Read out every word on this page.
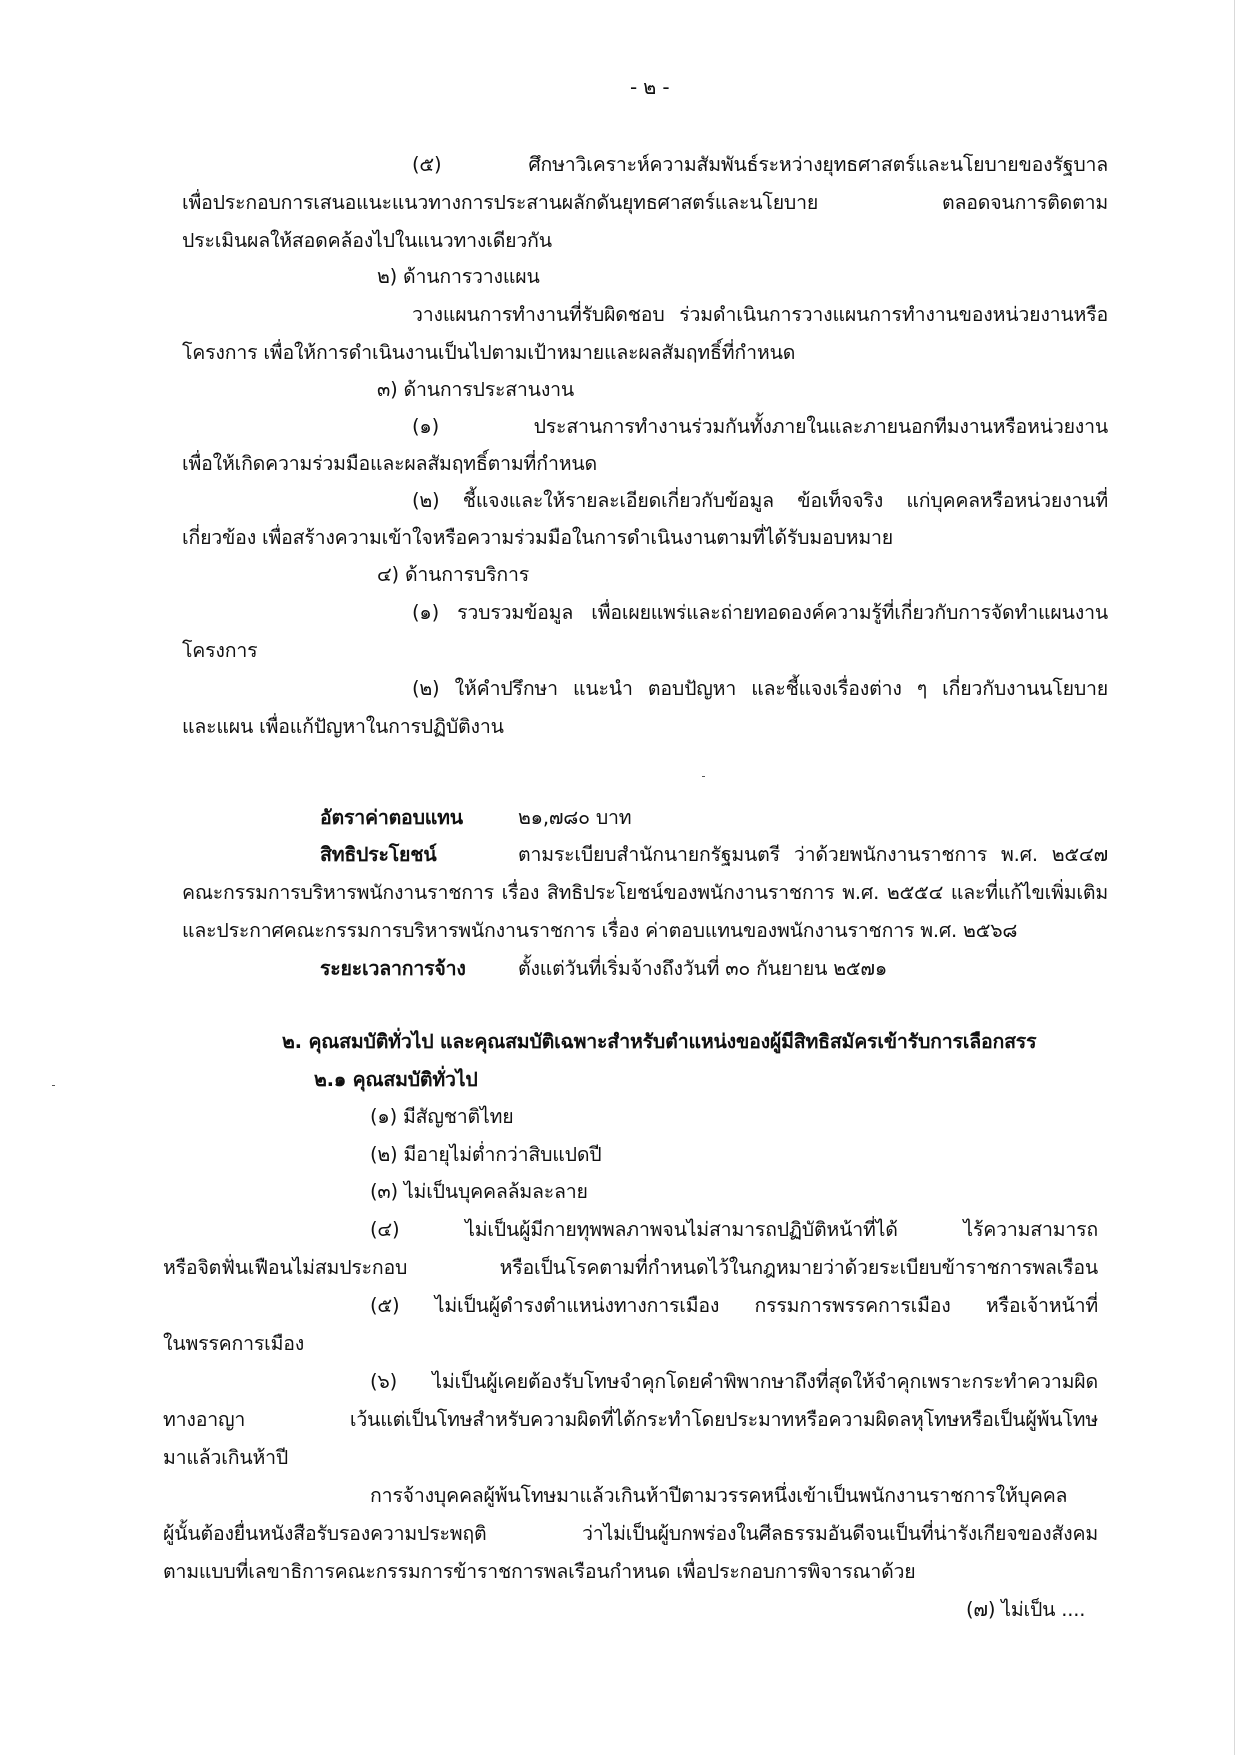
- ๒ -
(๕) ศึกษาวิเคราะห์ความสัมพันธ์ระหว่างยุทธศาสตร์และนโยบายของรัฐบาล
เพื่อประกอบการเสนอแนะแนวทางการประสานผลักดันยุทธศาสตร์และนโยบาย ตลอดจนการติดตาม
ประเมินผลให้สอดคล้องไปในแนวทางเดียวกัน
๒) ด้านการวางแผน
วางแผนการทำงานที่รับผิดชอบ ร่วมดำเนินการวางแผนการทำงานของหน่วยงานหรือ
โครงการ เพื่อให้การดำเนินงานเป็นไปตามเป้าหมายและผลสัมฤทธิ์ที่กำหนด
๓) ด้านการประสานงาน
(๑) ประสานการทำงานร่วมกันทั้งภายในและภายนอกทีมงานหรือหน่วยงาน
เพื่อให้เกิดความร่วมมือและผลสัมฤทธิ์ตามที่กำหนด
(๒) ชี้แจงและให้รายละเอียดเกี่ยวกับข้อมูล ข้อเท็จจริง แก่บุคคลหรือหน่วยงานที่
เกี่ยวข้อง เพื่อสร้างความเข้าใจหรือความร่วมมือในการดำเนินงานตามที่ได้รับมอบหมาย
๔) ด้านการบริการ
(๑) รวบรวมข้อมูล เพื่อเผยแพร่และถ่ายทอดองค์ความรู้ที่เกี่ยวกับการจัดทำแผนงาน
โครงการ
(๒) ให้คำปรึกษา แนะนำ ตอบปัญหา และชี้แจงเรื่องต่าง ๆ เกี่ยวกับงานนโยบาย
และแผน เพื่อแก้ปัญหาในการปฏิบัติงาน
อัตราค่าตอบแทน	๒๑,๗๘๐ บาท
สิทธิประโยชน์	ตามระเบียบสำนักนายกรัฐมนตรี ว่าด้วยพนักงานราชการ พ.ศ. ๒๕๔๗
คณะกรรมการบริหารพนักงานราชการ เรื่อง สิทธิประโยชน์ของพนักงานราชการ พ.ศ. ๒๕๕๔ และที่แก้ไขเพิ่มเติม
และประกาศคณะกรรมการบริหารพนักงานราชการ เรื่อง ค่าตอบแทนของพนักงานราชการ พ.ศ. ๒๕๖๘
ระยะเวลาการจ้าง	ตั้งแต่วันที่เริ่มจ้างถึงวันที่ ๓๐ กันยายน ๒๕๗๑
๒. คุณสมบัติทั่วไป และคุณสมบัติเฉพาะสำหรับตำแหน่งของผู้มีสิทธิสมัครเข้ารับการเลือกสรร
๒.๑ คุณสมบัติทั่วไป
(๑) มีสัญชาติไทย
(๒) มีอายุไม่ต่ำกว่าสิบแปดปี
(๓) ไม่เป็นบุคคลล้มละลาย
(๔) ไม่เป็นผู้มีกายทุพพลภาพจนไม่สามารถปฏิบัติหน้าที่ได้ ไร้ความสามารถ
หรือจิตฟั่นเฟือนไม่สมประกอบ หรือเป็นโรคตามที่กำหนดไว้ในกฎหมายว่าด้วยระเบียบข้าราชการพลเรือน
(๕) ไม่เป็นผู้ดำรงตำแหน่งทางการเมือง กรรมการพรรคการเมือง หรือเจ้าหน้าที่
ในพรรคการเมือง
(๖) ไม่เป็นผู้เคยต้องรับโทษจำคุกโดยคำพิพากษาถึงที่สุดให้จำคุกเพราะกระทำความผิด
ทางอาญา เว้นแต่เป็นโทษสำหรับความผิดที่ได้กระทำโดยประมาทหรือความผิดลหุโทษหรือเป็นผู้พ้นโทษ
มาแล้วเกินห้าปี
การจ้างบุคคลผู้พ้นโทษมาแล้วเกินห้าปีตามวรรคหนึ่งเข้าเป็นพนักงานราชการให้บุคคล
ผู้นั้นต้องยื่นหนังสือรับรองความประพฤติ ว่าไม่เป็นผู้บกพร่องในศีลธรรมอันดีจนเป็นที่น่ารังเกียจของสังคม
ตามแบบที่เลขาธิการคณะกรรมการข้าราชการพลเรือนกำหนด เพื่อประกอบการพิจารณาด้วย
(๗) ไม่เป็น ....
